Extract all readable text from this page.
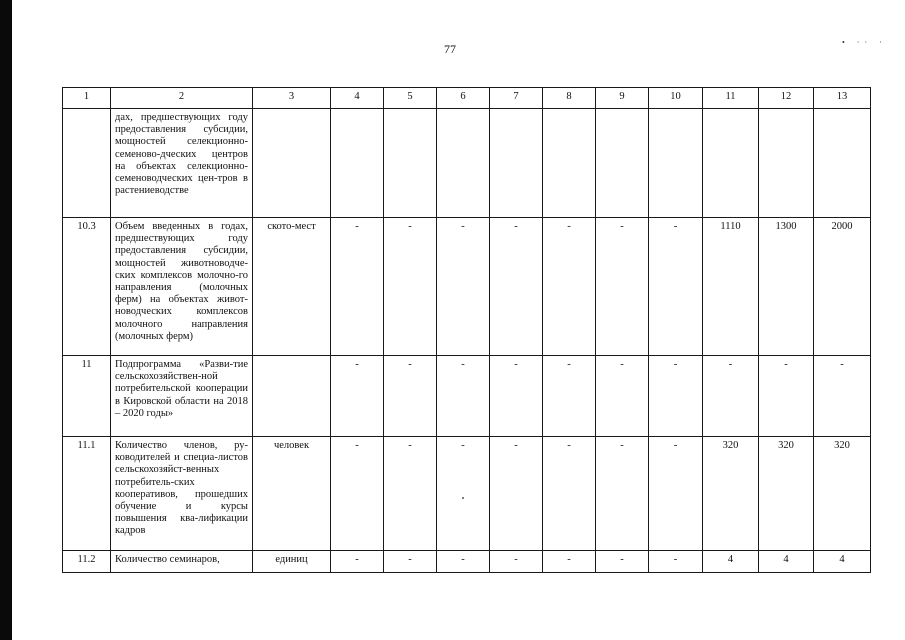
77	• ·· ·
1	2	3	4	5	6	7	8	9	10	11	12	13
	дах, предшествующих году предоставления субсидии, мощностей селекционно-семеново-дческих центров на объектах селекционно-семеноводческих цен-тров в растениеводстве											
10.3	Объем введенных в годах, предшествующих году предоставления субсидии, мощностей животноводче-ских комплексов молочно-го направления (молочных ферм) на объектах живот-новодческих комплексов молочного направления (молочных ферм)	ското-мест	-	-	-	-	-	-	-	1110	1300	2000
11	Подпрограмма «Разви-тие сельскохозяйствен-ной потребительской кооперации в Кировской области на 2018 – 2020 годы»		-	-	-	-	-	-	-	-	-	-
11.1	Количество членов, ру-ководителей и специа-листов сельскохозяйст-венных потребитель-ских кооперативов, прошедших обучение и курсы повышения ква-лификации кадров	человек	-	-	-	-	-	-	-	320	320	320
11.2	Количество семинаров,	единиц	-	-	-	-	-	-	-	4	4	4
